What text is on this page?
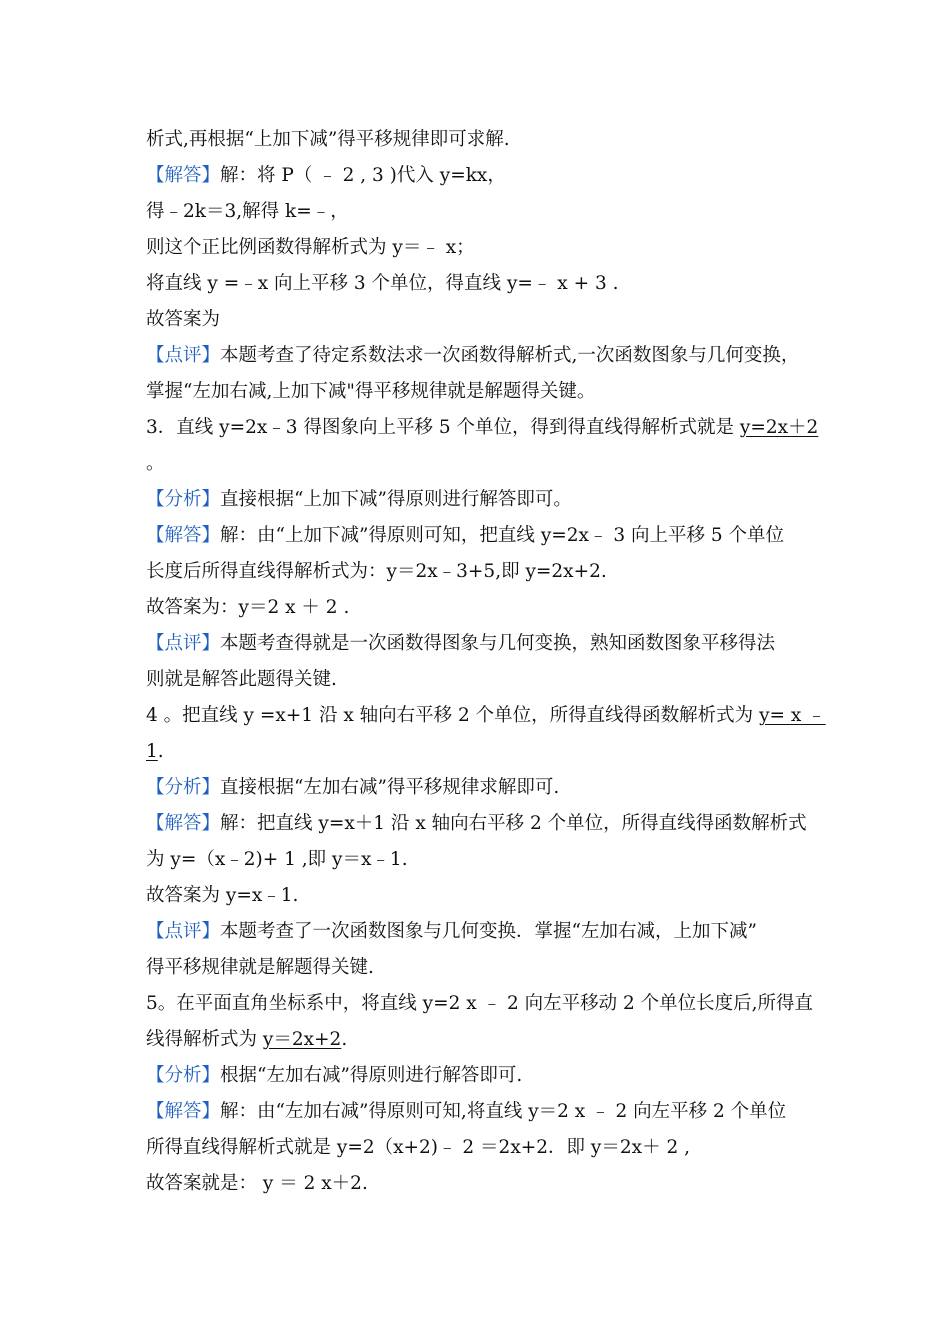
析式,再根据“上加下减”得平移规律即可求解.
【解答】解：将 P（ ﹣ 2 , 3 )代入 y=kx，
得﹣2k＝3,解得 k=﹣，
则这个正比例函数得解析式为 y＝﹣ x；
将直线 y =﹣x 向上平移 3 个单位，得直线 y=﹣ x + 3 .
故答案为
【点评】本题考查了待定系数法求一次函数得解析式,一次函数图象与几何变换，
掌握“左加右减,上加下减"得平移规律就是解题得关键。
3．直线 y=2x﹣3 得图象向上平移 5 个单位，得到得直线得解析式就是 y=2x＋2
。
【分析】直接根据“上加下减”得原则进行解答即可。
【解答】解：由“上加下减”得原则可知，把直线 y=2x﹣ 3 向上平移 5 个单位
长度后所得直线得解析式为：y＝2x﹣3+5,即 y=2x+2.
故答案为：y＝2 x ＋ 2 .
【点评】本题考查得就是一次函数得图象与几何变换，熟知函数图象平移得法
则就是解答此题得关键.
4 。把直线 y =x+1 沿 x 轴向右平移 2 个单位，所得直线得函数解析式为 y= x ﹣
1.
【分析】直接根据“左加右减”得平移规律求解即可.
【解答】解：把直线 y=x＋1 沿 x 轴向右平移 2 个单位，所得直线得函数解析式
为 y=（x﹣2)+ 1 ,即 y＝x﹣1.
故答案为 y=x﹣1.
【点评】本题考查了一次函数图象与几何变换．掌握“左加右减，上加下减”
得平移规律就是解题得关键.
5。在平面直角坐标系中，将直线 y=2 x ﹣ 2 向左平移动 2 个单位长度后,所得直
线得解析式为 y＝2x+2.
【分析】根据“左加右减”得原则进行解答即可.
【解答】解：由“左加右减”得原则可知,将直线 y＝2 x ﹣ 2 向左平移 2 个单位
所得直线得解析式就是 y=2（x+2)﹣ 2 ＝2x+2．即 y＝2x＋ 2 ,
故答案就是： y ＝ 2 x＋2.
